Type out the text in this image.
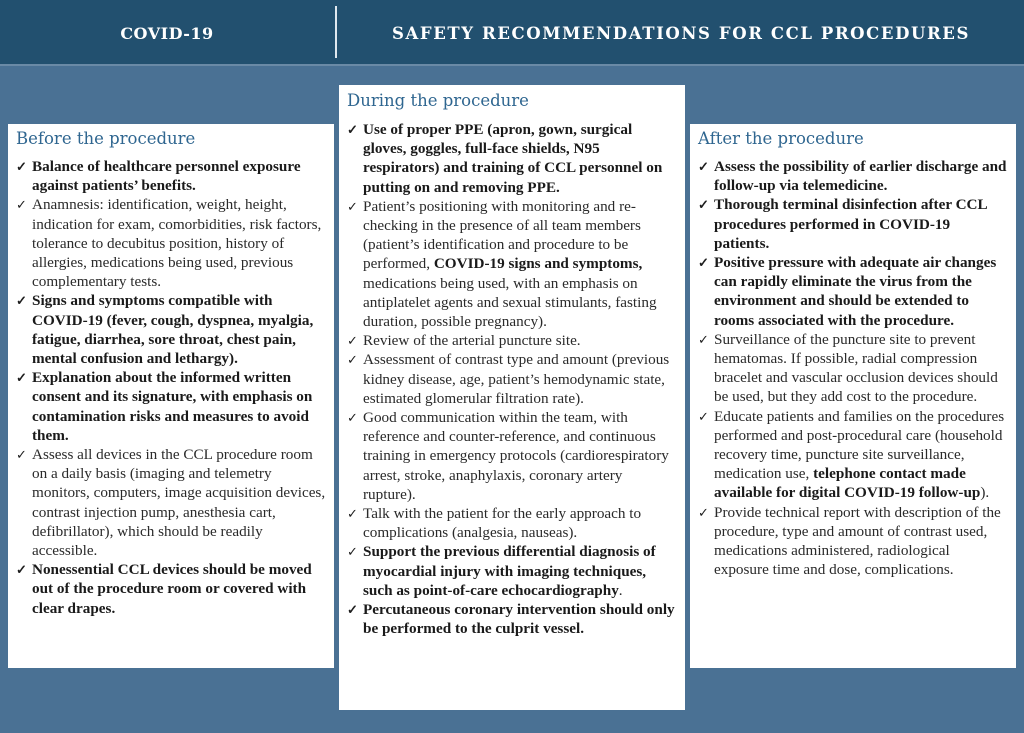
COVID-19	SAFETY RECOMMENDATIONS FOR CCL PROCEDURES
Before the procedure
✓ Balance of healthcare personnel exposure against patients’ benefits.
✓ Anamnesis: identification, weight, height, indication for exam, comorbidities, risk factors, tolerance to decubitus position, history of allergies, medications being used, previous complementary tests.
✓ Signs and symptoms compatible with COVID-19 (fever, cough, dyspnea, myalgia, fatigue, diarrhea, sore throat, chest pain, mental confusion and lethargy).
✓ Explanation about the informed written consent and its signature, with emphasis on contamination risks and measures to avoid them.
✓ Assess all devices in the CCL procedure room on a daily basis (imaging and telemetry monitors, computers, image acquisition devices, contrast injection pump, anesthesia cart, defibrillator), which should be readily accessible.
✓ Nonessential CCL devices should be moved out of the procedure room or covered with clear drapes.
During the procedure
✓ Use of proper PPE (apron, gown, surgical gloves, goggles, full-face shields, N95 respirators) and training of CCL personnel on putting on and removing PPE.
✓ Patient’s positioning with monitoring and re-checking in the presence of all team members (patient’s identification and procedure to be performed, COVID-19 signs and symptoms, medications being used, with an emphasis on antiplatelet agents and sexual stimulants, fasting duration, possible pregnancy).
✓ Review of the arterial puncture site.
✓ Assessment of contrast type and amount (previous kidney disease, age, patient’s hemodynamic state, estimated glomerular filtration rate).
✓ Good communication within the team, with reference and counter-reference, and continuous training in emergency protocols (cardiorespiratory arrest, stroke, anaphylaxis, coronary artery rupture).
✓ Talk with the patient for the early approach to complications (analgesia, nauseas).
✓ Support the previous differential diagnosis of myocardial injury with imaging techniques, such as point-of-care echocardiography.
✓ Percutaneous coronary intervention should only be performed to the culprit vessel.
After the procedure
✓ Assess the possibility of earlier discharge and follow-up via telemedicine.
✓ Thorough terminal disinfection after CCL procedures performed in COVID-19 patients.
✓ Positive pressure with adequate air changes can rapidly eliminate the virus from the environment and should be extended to rooms associated with the procedure.
✓ Surveillance of the puncture site to prevent hematomas. If possible, radial compression bracelet and vascular occlusion devices should be used, but they add cost to the procedure.
✓ Educate patients and families on the procedures performed and post-procedural care (household recovery time, puncture site surveillance, medication use, telephone contact made available for digital COVID-19 follow-up).
✓ Provide technical report with description of the procedure, type and amount of contrast used, medications administered, radiological exposure time and dose, complications.
